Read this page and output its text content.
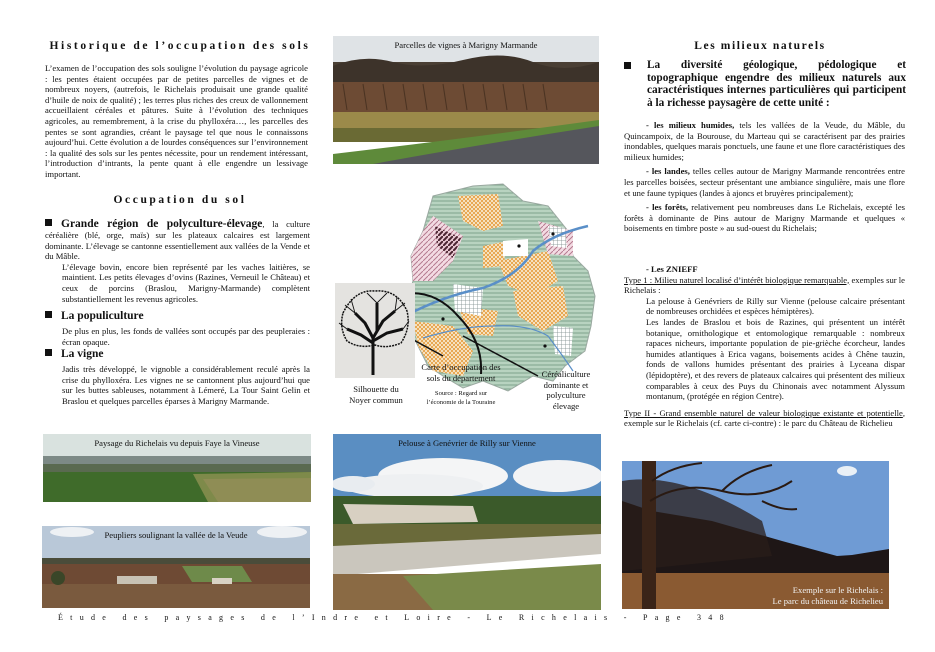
Historique de l’occupation des sols

L’examen de l’occupation des sols souligne l’évolution du paysage agricole : les pentes étaient occupées par de petites parcelles de vignes et de nombreux noyers, (autrefois, le Richelais produisait une grande qualité d’huile de noix de qualité) ; les terres plus riches des creux de vallonnement accueillaient céréales et pâtures. Suite à l’évolution des techniques agricoles, au remembrement, à la crise du phylloxéra…, les parcelles des pentes se sont agrandies, créant le paysage tel que nous le connaissons aujourd’hui. Cette évolution a de lourdes conséquences sur l’environnement : la qualité des sols sur les pentes nécessite, pour un rendement intéressant, l’introduction d’intrants, la pente quant à elle engendre un lessivage important.

Occupation du sol

Grande région de polyculture-élevage, la culture céréalière (blé, orge, maïs) sur les plateaux calcaires est largement dominante. L’élevage se cantonne essentiellement aux vallées de la Vende et du Mâble.

L’élevage bovin, encore bien représenté par les vaches laitières, se maintient. Les petits élevages d’ovins (Razines, Verneuil le Château) et ceux de porcins (Braslou, Marigny-Marmande) complètent substantiellement les revenus agricoles.

La populiculture

De plus en plus, les fonds de vallées sont occupés par des peupleraies : écran opaque.

La vigne

Jadis très développé, le vignoble a considérablement reculé après la crise du phylloxéra. Les vignes ne se cantonnent plus aujourd’hui que sur les buttes sableuses, notamment à Lémeré, La Tour Saint Gelin et Braslou et quelques parcelles éparses à Marigny Marmande.

Parcelles de vignes à Marigny Marmande
Silhouette du
Noyer commun
Carte d’occupation des
sols du département
Source : Regard sur
l’économie de la Touraine
Céréaliculture
dominante et
polyculture
élevage
Paysage du Richelais vu depuis Faye la Vineuse
Peupliers soulignant la vallée de la Veude
Pelouse à Genévrier de Rilly sur Vienne
Les milieux naturels

La diversité géologique, pédologique et topographique engendre des milieux naturels aux caractéristiques internes particulières qui participent à la richesse paysagère de cette unité :

- les milieux humides, tels les vallées de la Veude, du Mâble, du Quincampoix, de la Bourouse, du Marteau qui se caractérisent par des prairies inondables, quelques marais ponctuels, une faune et une flore caractéristiques des milieux humides;

- les landes, telles celles autour de Marigny Marmande rencontrées entre les parcelles boisées, secteur présentant une ambiance singulière, mais une flore et une faune typiques (landes à ajoncs et bruyères principalement);

- les forêts, relativement peu nombreuses dans Le Richelais, excepté les forêts à dominante de Pins autour de Marigny Marmande et quelques « boisements en timbre poste » au sud-ouest du Richelais;

- Les ZNIEFF

Type 1 : Milieu naturel localisé d’intérêt biologique remarquable, exemples sur le Richelais :

La pelouse à Genévriers de Rilly sur Vienne (pelouse calcaire présentant de nombreuses orchidées et espèces hémiptères).

Les landes de Braslou et bois de Razines, qui présentent un intérêt botanique, ornithologique et entomologique remarquable : nombreux rapaces nicheurs, importante population de pie-grièche écorcheur, landes humides atlantiques à Erica vagans, boisements acides à Chêne tauzin, fonds de vallons humides présentant des prairies à Lyceana dispar (lépidoptère), et des revers de plateaux calcaires qui présentent des milieux comparables à ceux des Puys du Chinonais avec notamment Alyssum montanum, (protégée en région Centre).

Type II - Grand ensemble naturel de valeur biologique existante et potentielle, exemple sur le Richelais (cf. carte ci-contre) : le parc du Château de Richelieu

Exemple sur le Richelais :
Le parc du château de Richelieu
Étude des paysages de l’Indre et Loire - Le Richelais - Page 348
